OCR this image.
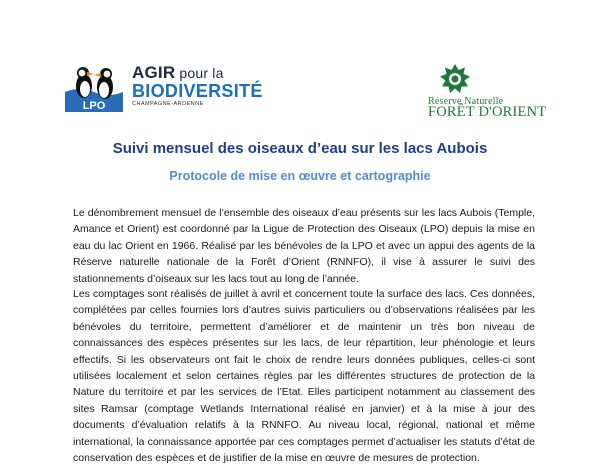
LPO
AGIR pour la
BIODIVERSITÉ
CHAMPAGNE-ARDENNE	Réserve Naturelle
FORÊT D'ORIENT
Suivi mensuel des oiseaux d’eau sur les lacs Aubois
Protocole de mise en œuvre et cartographie

Le dénombrement mensuel de l’ensemble des oiseaux d’eau présents sur les lacs Aubois (Temple, Amance et Orient) est coordonné par la Ligue de Protection des Oiseaux (LPO) depuis la mise en eau du lac Orient en 1966. Réalisé par les bénévoles de la LPO et avec un appui des agents de la Réserve naturelle nationale de la Forêt d’Orient (RNNFO), il vise à assurer le suivi des stationnements d’oiseaux sur les lacs tout au long de l’année.

Les comptages sont réalisés de juillet à avril et concernent toute la surface des lacs. Ces données, complétées par celles fournies lors d’autres suivis particuliers ou d’observations réalisées par les bénévoles du territoire, permettent d’améliorer et de maintenir un très bon niveau de connaissances des espèces présentes sur les lacs, de leur répartition, leur phénologie et leurs effectifs. Si les observateurs ont fait le choix de rendre leurs données publiques, celles-ci sont utilisées localement et selon certaines règles par les différentes structures de protection de la Nature du territoire et par les services de l’Etat. Elles participent notamment au classement des sites Ramsar (comptage Wetlands International réalisé en janvier) et à la mise à jour des documents d’évaluation relatifs à la RNNFO. Au niveau local, régional, national et même international, la connaissance apportée par ces comptages permet d’actualiser les statuts d’état de conservation des espèces et de justifier de la mise en œuvre de mesures de protection.
